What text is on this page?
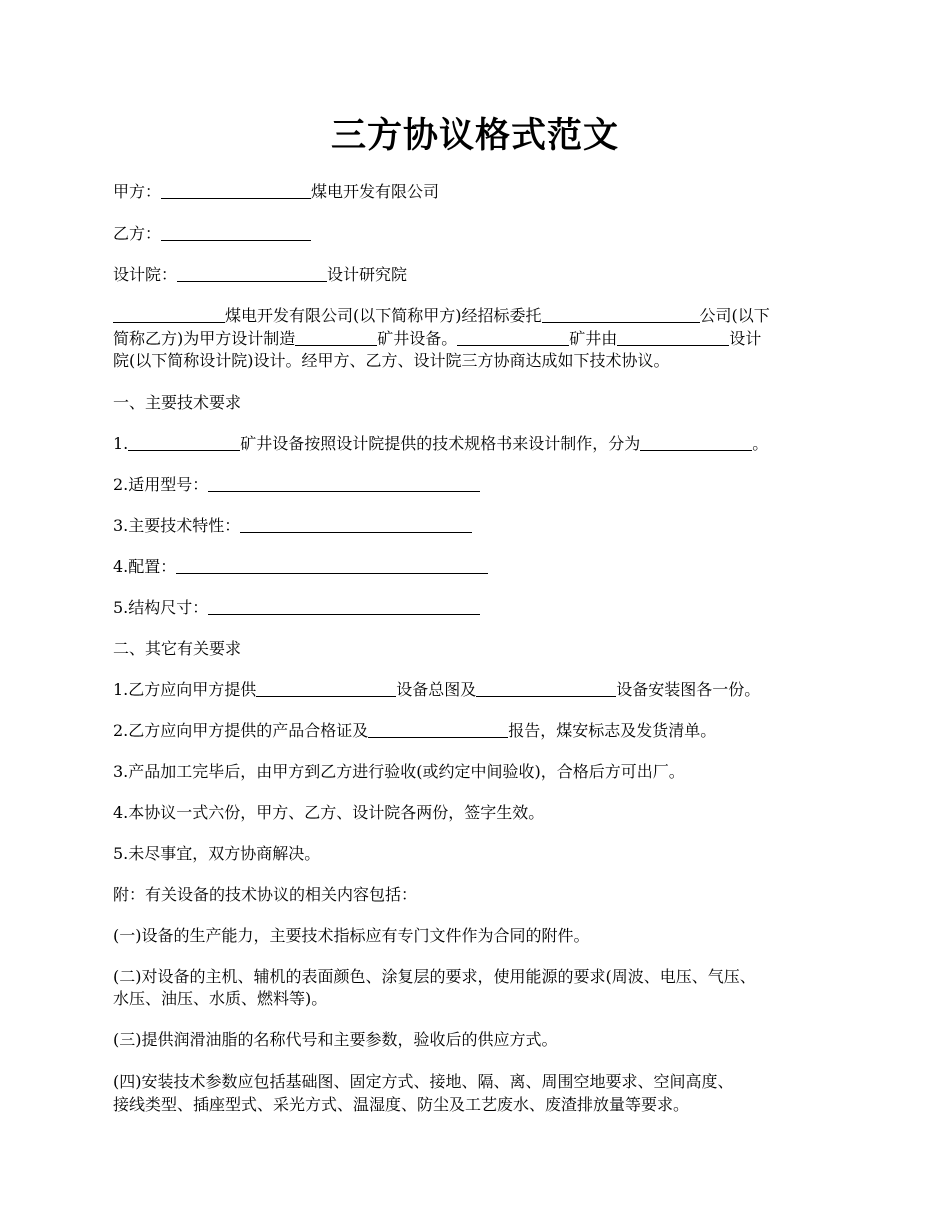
三方协议格式范文

甲方：	煤电开发有限公司

乙方：

设计院：	设计研究院

煤电开发有限公司(以下简称甲方)经招标委托	公司(以下

简称乙方)为甲方设计制造	矿井设备。	矿井由	设计

院(以下简称设计院)设计。经甲方、乙方、设计院三方协商达成如下技术协议。

一、主要技术要求

1.	矿井设备按照设计院提供的技术规格书来设计制作，分为	。

2.适用型号：

3.主要技术特性：

4.配置：

5.结构尺寸：

二、其它有关要求

1.乙方应向甲方提供	设备总图及	设备安装图各一份。

2.乙方应向甲方提供的产品合格证及	报告，煤安标志及发货清单。

3.产品加工完毕后，由甲方到乙方进行验收(或约定中间验收)，合格后方可出厂。

4.本协议一式六份，甲方、乙方、设计院各两份，签字生效。

5.未尽事宜，双方协商解决。

附：有关设备的技术协议的相关内容包括：

(一)设备的生产能力，主要技术指标应有专门文件作为合同的附件。

(二)对设备的主机、辅机的表面颜色、涂复层的要求，使用能源的要求(周波、电压、气压、

水压、油压、水质、燃料等)。

(三)提供润滑油脂的名称代号和主要参数，验收后的供应方式。

(四)安装技术参数应包括基础图、固定方式、接地、隔、离、周围空地要求、空间高度、

接线类型、插座型式、采光方式、温湿度、防尘及工艺废水、废渣排放量等要求。
